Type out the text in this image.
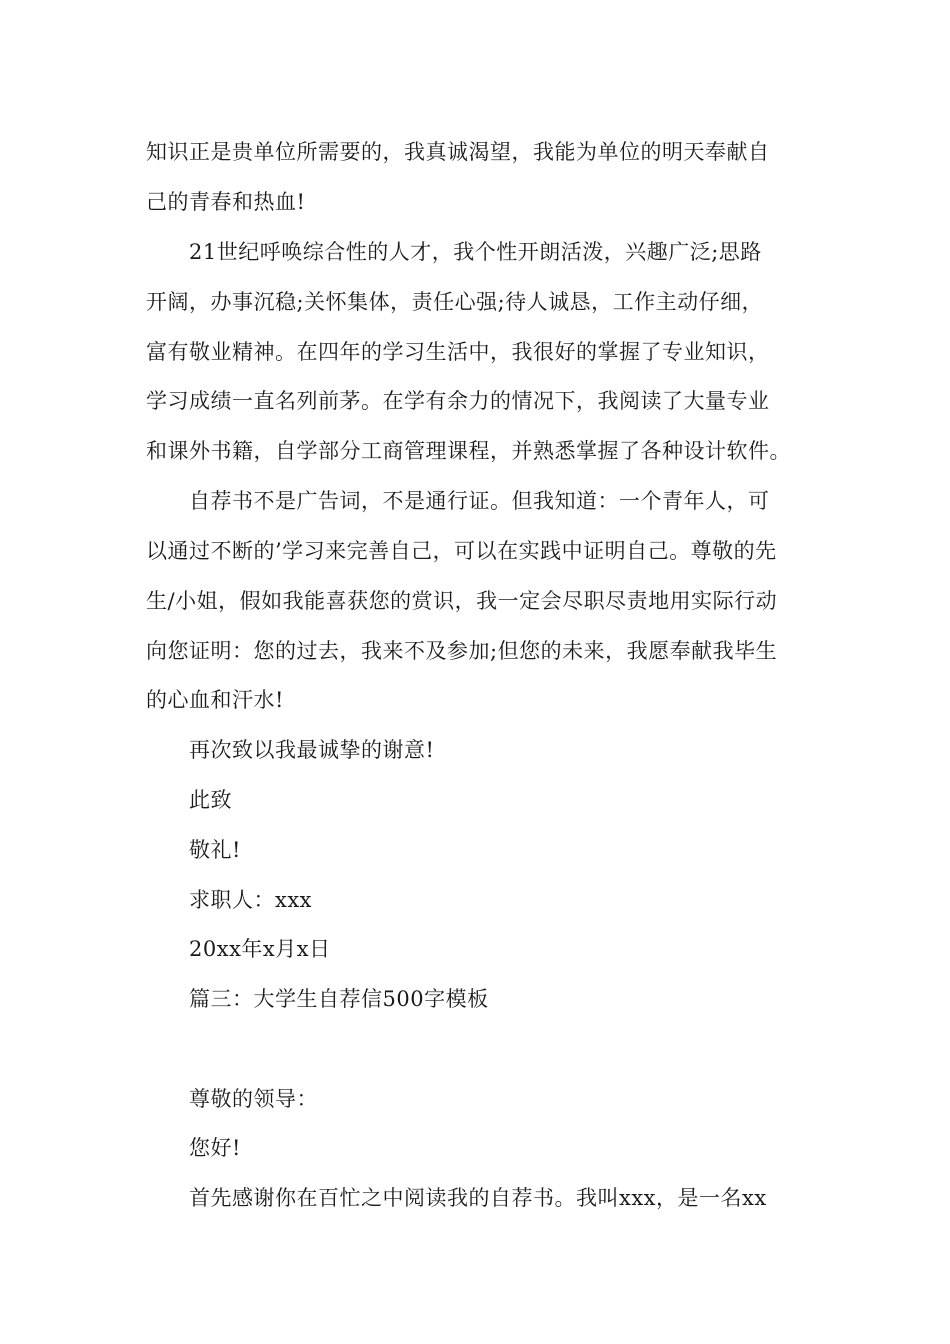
知识正是贵单位所需要的，我真诚渴望，我能为单位的明天奉献自
己的青春和热血!
21世纪呼唤综合性的人才，我个性开朗活泼，兴趣广泛;思路
开阔，办事沉稳;关怀集体，责任心强;待人诚恳，工作主动仔细，
富有敬业精神。在四年的学习生活中，我很好的掌握了专业知识，
学习成绩一直名列前茅。在学有余力的情况下，我阅读了大量专业
和课外书籍，自学部分工商管理课程，并熟悉掌握了各种设计软件。
自荐书不是广告词，不是通行证。但我知道：一个青年人，可
以通过不断的’学习来完善自己，可以在实践中证明自己。尊敬的先
生/小姐，假如我能喜获您的赏识，我一定会尽职尽责地用实际行动
向您证明：您的过去，我来不及参加;但您的未来，我愿奉献我毕生
的心血和汗水!
再次致以我最诚挚的谢意!
此致
敬礼!
求职人：xxx
20xx年x月x日
篇三：大学生自荐信500字模板
尊敬的领导：
您好!
首先感谢你在百忙之中阅读我的自荐书。我叫xxx，是一名xx
